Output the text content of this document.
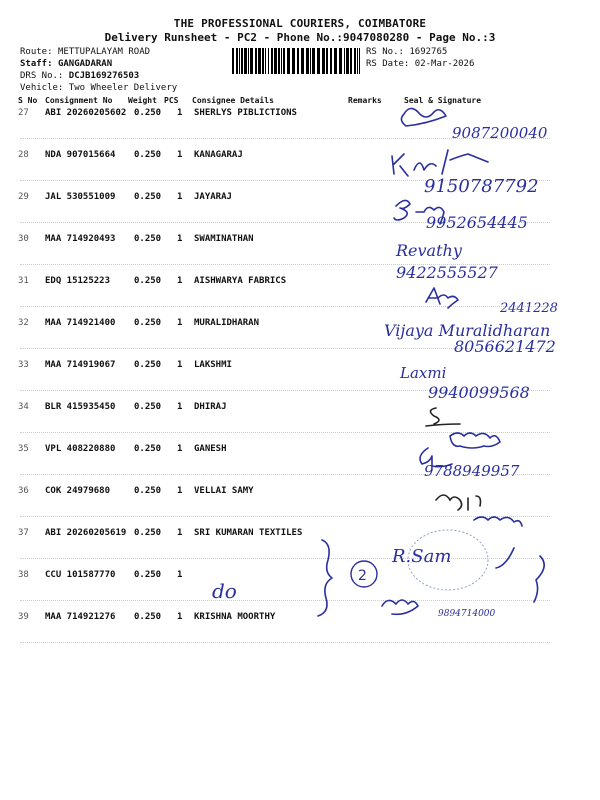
THE PROFESSIONAL COURIERS, COIMBATORE
Delivery Runsheet - PC2 - Phone No.:9047080280 - Page No.:3
Route: METTUPALAYAM ROAD
Staff: GANGADARAN
DRS No.: DCJB169276503
Vehicle: Two Wheeler Delivery
RS No.: 1692765
RS Date: 02-Mar-2026
S No Consignment No Weight PCS Consignee Details	Remarks	Seal & Signature
27 ABI 20260205602 0.250 1 SHERLYS PIBLICTIONS
28 NDA 907015664 0.250 1 KANAGARAJ
29 JAL 530551009 0.250 1 JAYARAJ
30 MAA 714920493 0.250 1 SWAMINATHAN
31 EDQ 15125223	0.250 1 AISHWARYA FABRICS
32 MAA 714921400 0.250 1 MURALIDHARAN
33 MAA 714919067 0.250 1 LAKSHMI
34 BLR 415935450 0.250 1 DHIRAJ
35 VPL 408220880 0.250 1 GANESH
36 COK 24979680	0.250 1 VELLAI SAMY
37 ABI 20260205619 0.250 1 SRI KUMARAN TEXTILES
38 CCU 101587770 0.250 1
39 MAA 714921276 0.250 1 KRISHNA MOORTHY
9087200040
9150787792
9952654445
Revathy
9422555527
2441228
Vijaya Muralidharan
8056621472
Laxmi
9940099568
9788949957
2
R.Sam
9894714000
do
